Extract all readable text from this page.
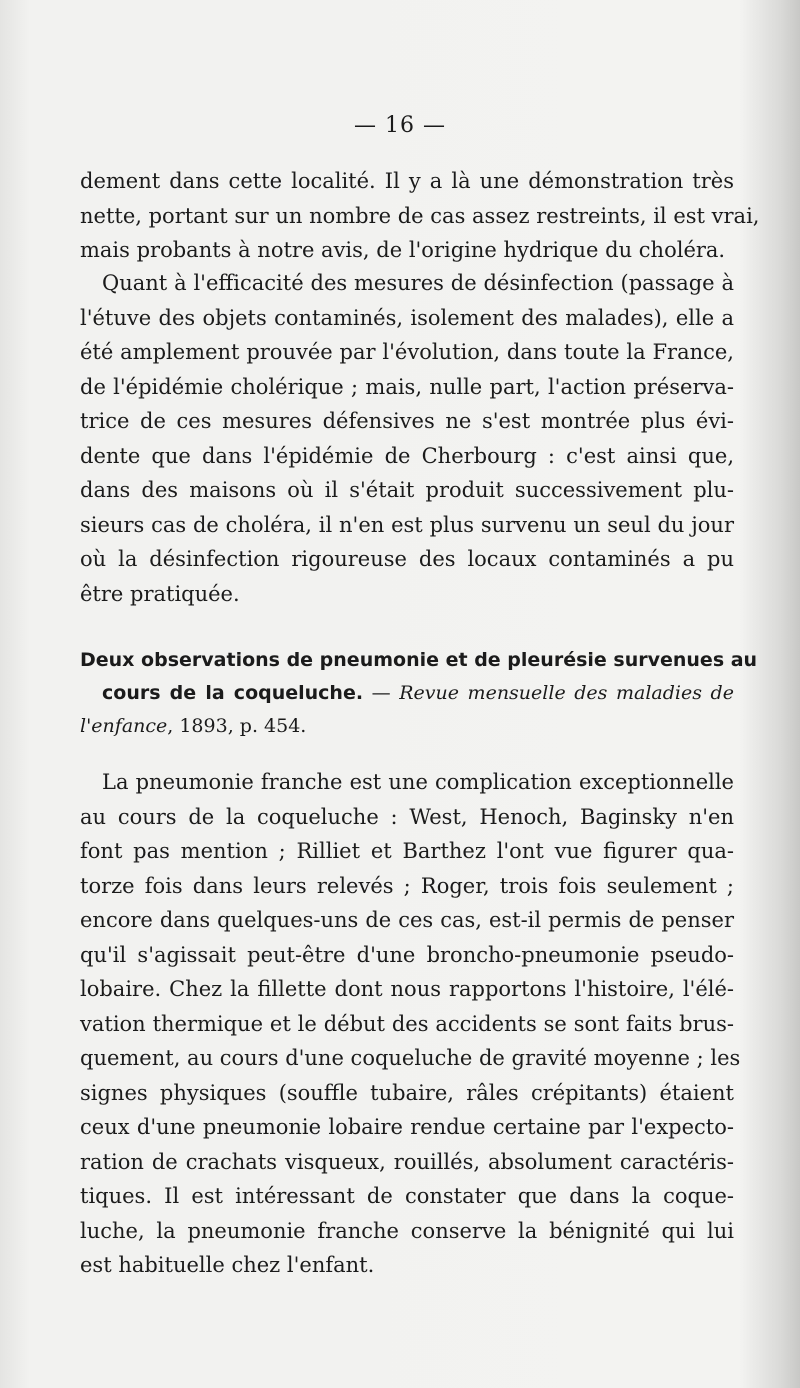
— 16 —
dement dans cette localité. Il y a là une démonstration très
nette, portant sur un nombre de cas assez restreints, il est vrai,
mais probants à notre avis, de l'origine hydrique du choléra.
Quant à l'efficacité des mesures de désinfection (passage à
l'étuve des objets contaminés, isolement des malades), elle a
été amplement prouvée par l'évolution, dans toute la France,
de l'épidémie cholérique ; mais, nulle part, l'action préserva-
trice de ces mesures défensives ne s'est montrée plus évi-
dente que dans l'épidémie de Cherbourg : c'est ainsi que,
dans des maisons où il s'était produit successivement plu-
sieurs cas de choléra, il n'en est plus survenu un seul du jour
où la désinfection rigoureuse des locaux contaminés a pu
être pratiquée.
Deux observations de pneumonie et de pleurésie survenues au
cours de la coqueluche. — Revue mensuelle des maladies de
l'enfance, 1893, p. 454.
La pneumonie franche est une complication exceptionnelle
au cours de la coqueluche : West, Henoch, Baginsky n'en
font pas mention ; Rilliet et Barthez l'ont vue figurer qua-
torze fois dans leurs relevés ; Roger, trois fois seulement ;
encore dans quelques-uns de ces cas, est-il permis de penser
qu'il s'agissait peut-être d'une broncho-pneumonie pseudo-
lobaire. Chez la fillette dont nous rapportons l'histoire, l'élé-
vation thermique et le début des accidents se sont faits brus-
quement, au cours d'une coqueluche de gravité moyenne ; les
signes physiques (souffle tubaire, râles crépitants) étaient
ceux d'une pneumonie lobaire rendue certaine par l'expecto-
ration de crachats visqueux, rouillés, absolument caractéris-
tiques. Il est intéressant de constater que dans la coque-
luche, la pneumonie franche conserve la bénignité qui lui
est habituelle chez l'enfant.
